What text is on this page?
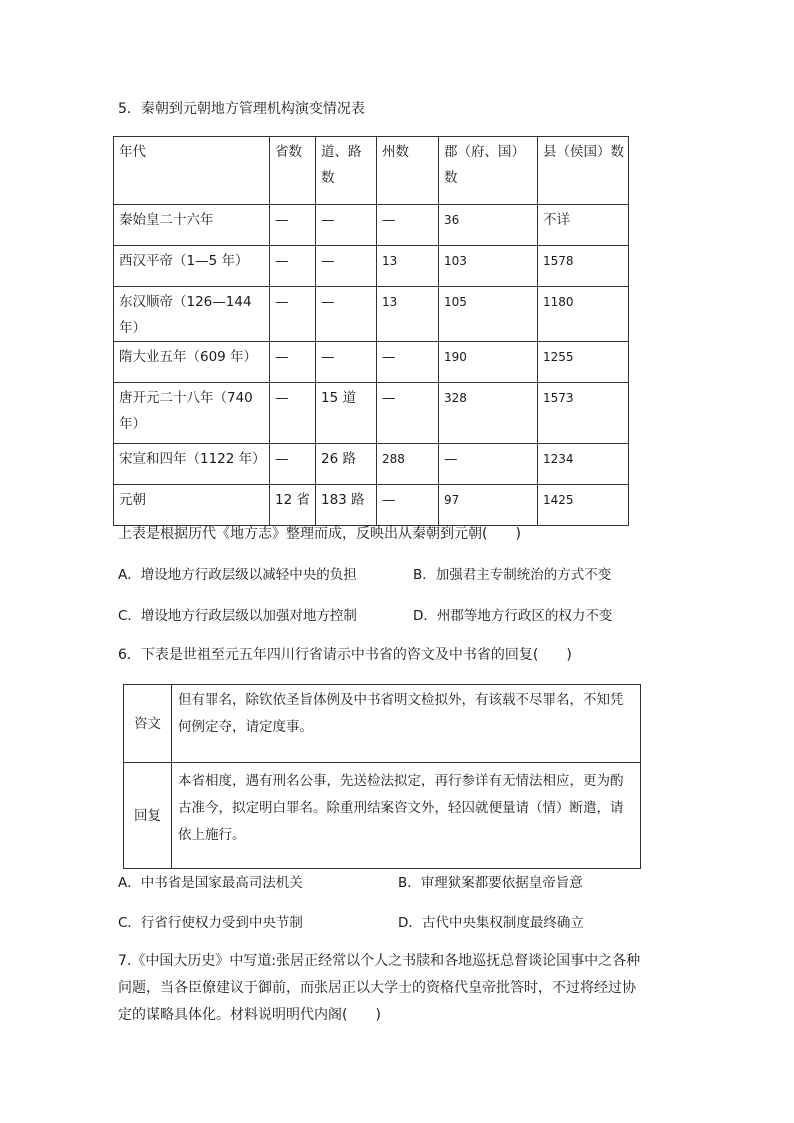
5．秦朝到元朝地方管理机构演变情况表
年代	省数	道、路数	州数	郡（府、国）数	县（侯国）数
秦始皇二十六年	—	—	—	36	不详
西汉平帝（1—5 年）	—	—	13	103	1578
东汉顺帝（126—144 年）	—	—	13	105	1180
隋大业五年（609 年）	—	—	—	190	1255
唐开元二十八年（740 年）	—	15 道	—	328	1573
宋宣和四年（1122 年）	—	26 路	288	—	1234
元朝	12 省	183 路	—	97	1425
上表是根据历代《地方志》整理而成，反映出从秦朝到元朝(　　)
A．增设地方行政层级以减轻中央的负担	B．加强君主专制统治的方式不变
C．增设地方行政层级以加强对地方控制	D．州郡等地方行政区的权力不变
6．下表是世祖至元五年四川行省请示中书省的咨文及中书省的回复(　　)
咨文	但有罪名，除钦依圣旨体例及中书省明文检拟外，有该载不尽罪名，不知凭何例定夺，请定度事。
回复	本省相度，遇有刑名公事，先送检法拟定，再行参详有无情法相应，更为酌古准今，拟定明白罪名。除重刑结案咨文外，轻囚就便量请（情）断遣，请依上施行。
A．中书省是国家最高司法机关	B．审理狱案都要依据皇帝旨意
C．行省行使权力受到中央节制	D．古代中央集权制度最终确立
7.《中国大历史》中写道:张居正经常以个人之书牍和各地巡抚总督谈论国事中之各种问题，当各臣僚建议于御前，而张居正以大学士的资格代皇帝批答时，不过将经过协定的谋略具体化。材料说明明代内阁(　　)
